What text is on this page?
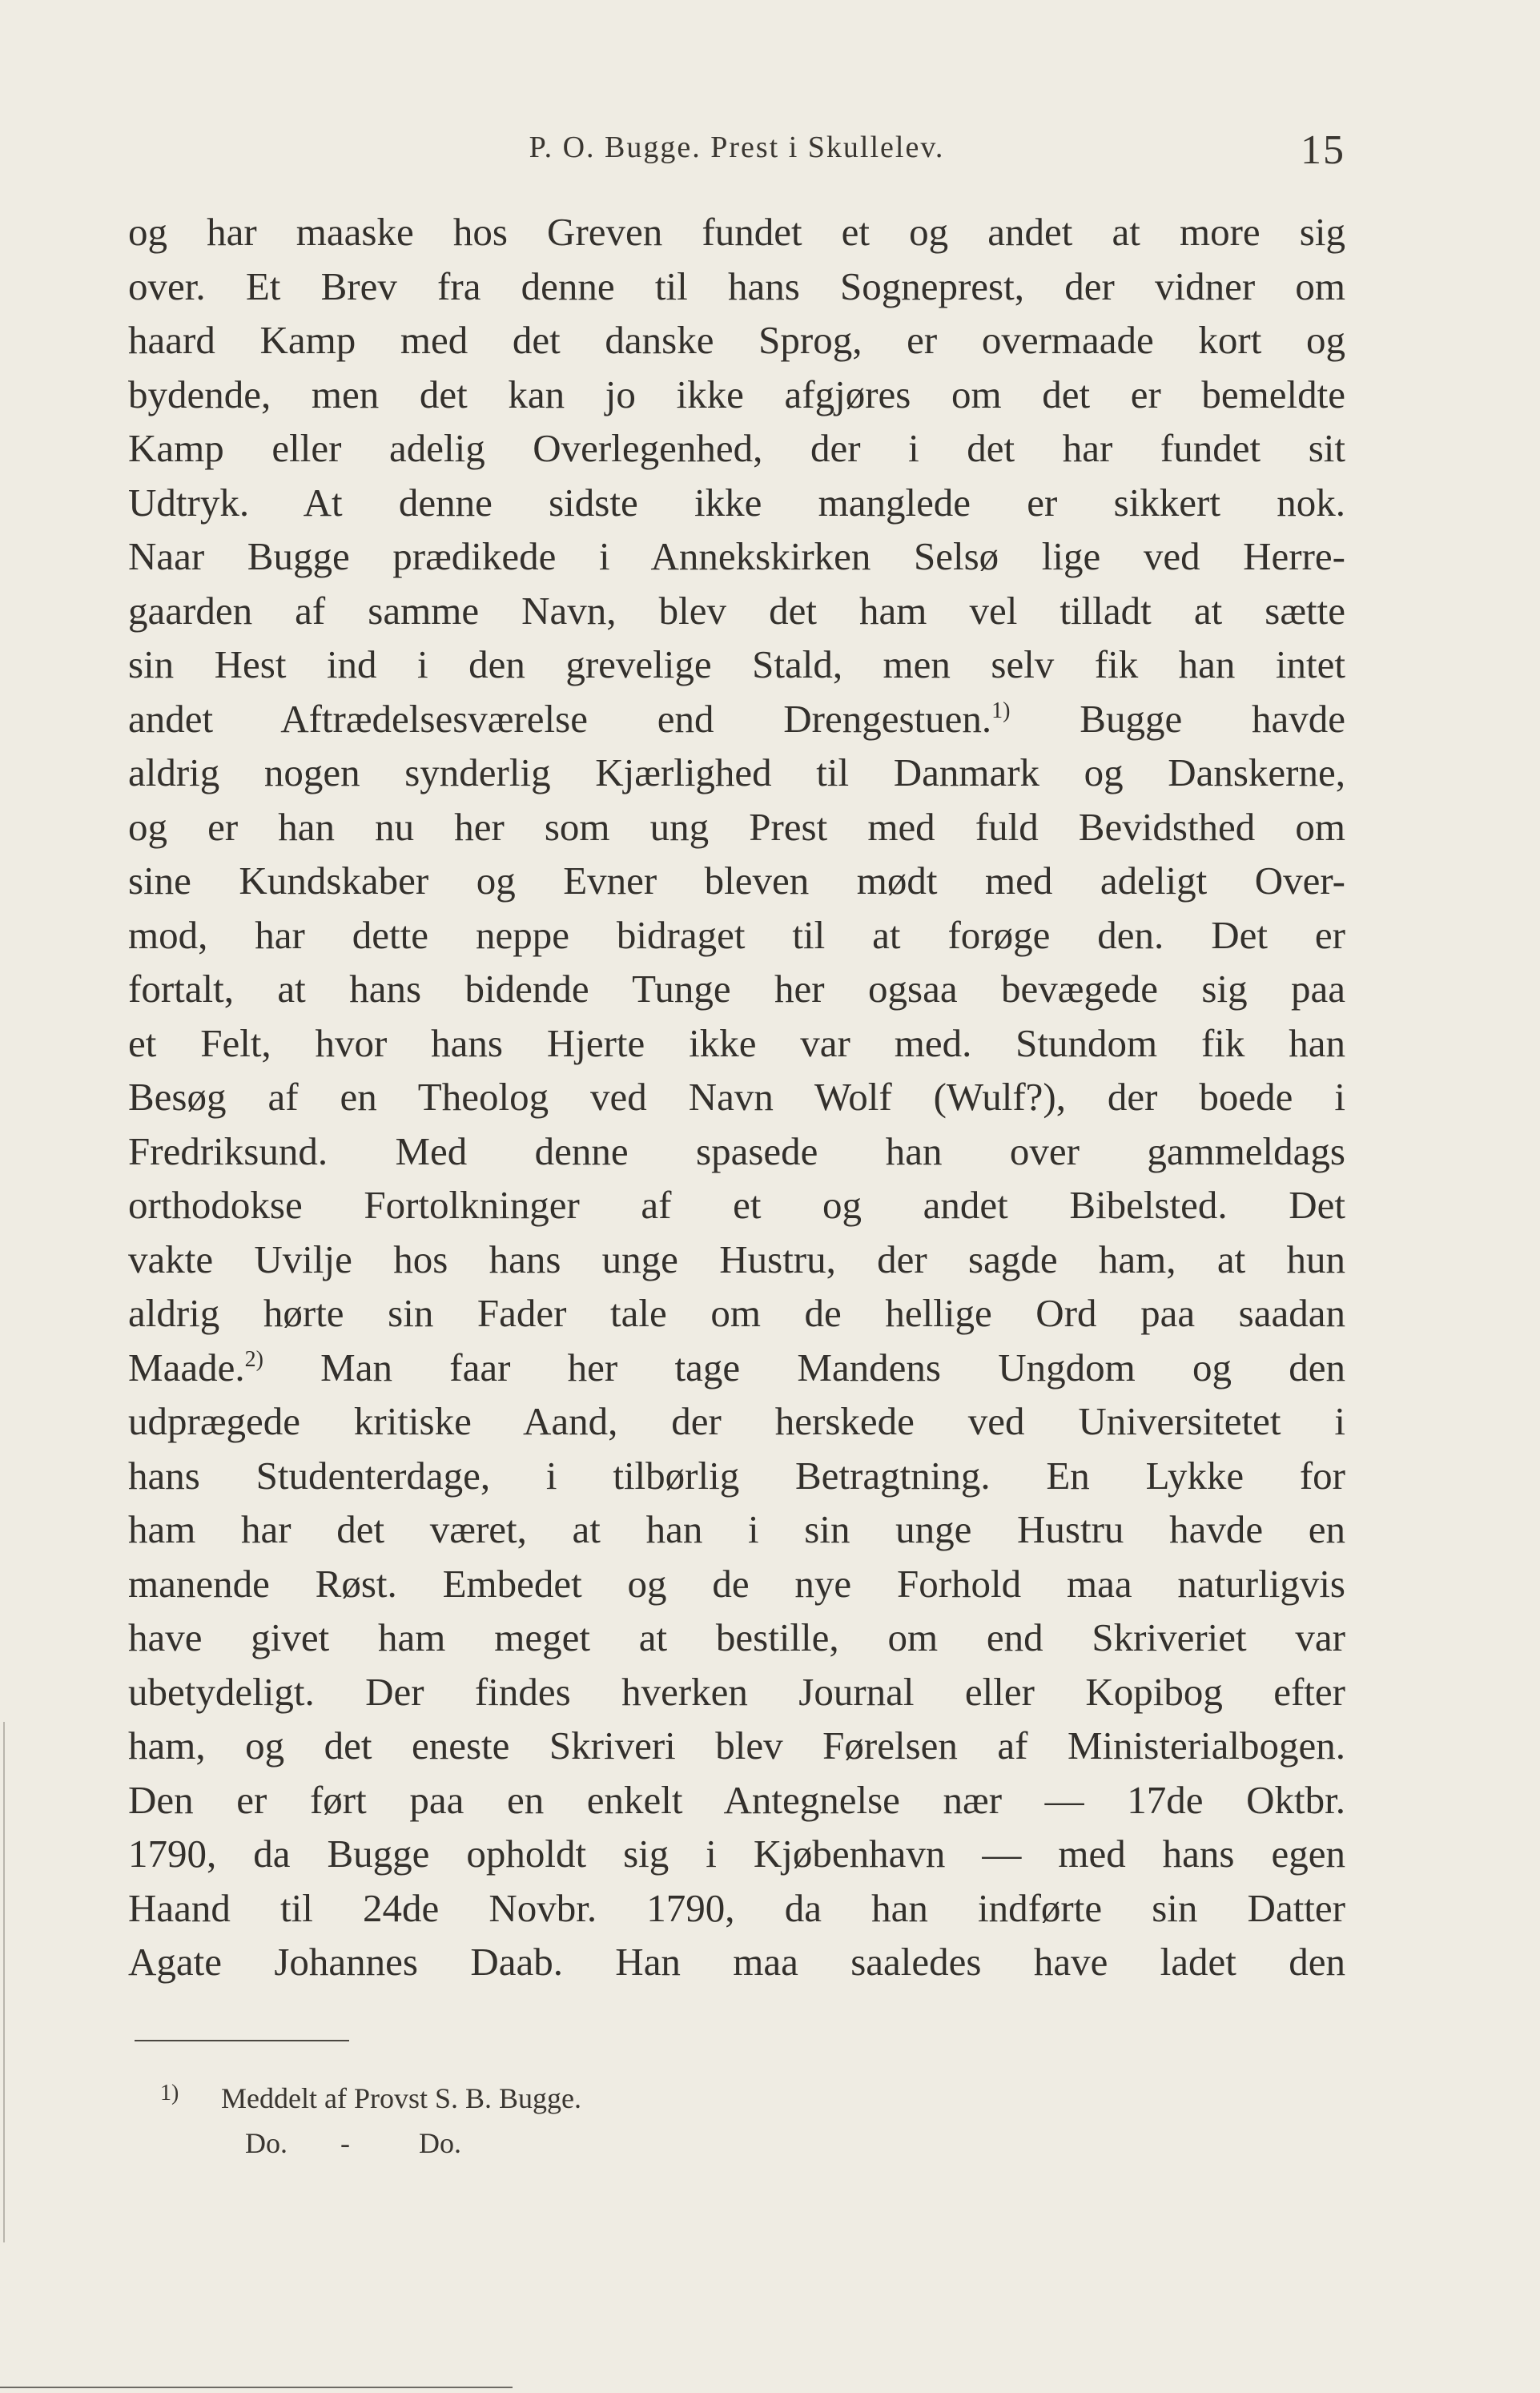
P. O. Bugge. Prest i Skullelev.	15
og har maaske hos Greven fundet et og andet at more sig
over. Et Brev fra denne til hans Sogneprest, der vidner om
haard Kamp med det danske Sprog, er overmaade kort og
bydende, men det kan jo ikke afgjøres om det er bemeldte
Kamp eller adelig Overlegenhed, der i det har fundet sit
Udtryk. At denne sidste ikke manglede er sikkert nok.
Naar Bugge prædikede i Annekskirken Selsø lige ved Herre-
gaarden af samme Navn, blev det ham vel tilladt at sætte
sin Hest ind i den grevelige Stald, men selv fik han intet
andet Aftrædelsesværelse end Drengestuen.$^{1)}$ Bugge havde
aldrig nogen synderlig Kjærlighed til Danmark og Danskerne,
og er han nu her som ung Prest med fuld Bevidsthed om
sine Kundskaber og Evner bleven mødt med adeligt Over-
mod, har dette neppe bidraget til at forøge den. Det er
fortalt, at hans bidende Tunge her ogsaa bevægede sig paa
et Felt, hvor hans Hjerte ikke var med. Stundom fik han
Besøg af en Theolog ved Navn Wolf (Wulf?), der boede i
Fredriksund. Med denne spasede han over gammeldags
orthodokse Fortolkninger af et og andet Bibelsted. Det
vakte Uvilje hos hans unge Hustru, der sagde ham, at hun
aldrig hørte sin Fader tale om de hellige Ord paa saadan
Maade.$^{2)}$ Man faar her tage Mandens Ungdom og den
udprægede kritiske Aand, der herskede ved Universitetet i
hans Studenterdage, i tilbørlig Betragtning. En Lykke for
ham har det været, at han i sin unge Hustru havde en
manende Røst. Embedet og de nye Forhold maa naturligvis
have givet ham meget at bestille, om end Skriveriet var
ubetydeligt. Der findes hverken Journal eller Kopibog efter
ham, og det eneste Skriveri blev Førelsen af Ministerialbogen.
Den er ført paa en enkelt Antegnelse nær — 17de Oktbr.
1790, da Bugge opholdt sig i Kjøbenhavn — med hans egen
Haand til 24de Novbr. 1790, da han indførte sin Datter
Agate Johannes Daab. Han maa saaledes have ladet den
1) Meddelt af Provst S. B. Bugge.
Do. - Do.
